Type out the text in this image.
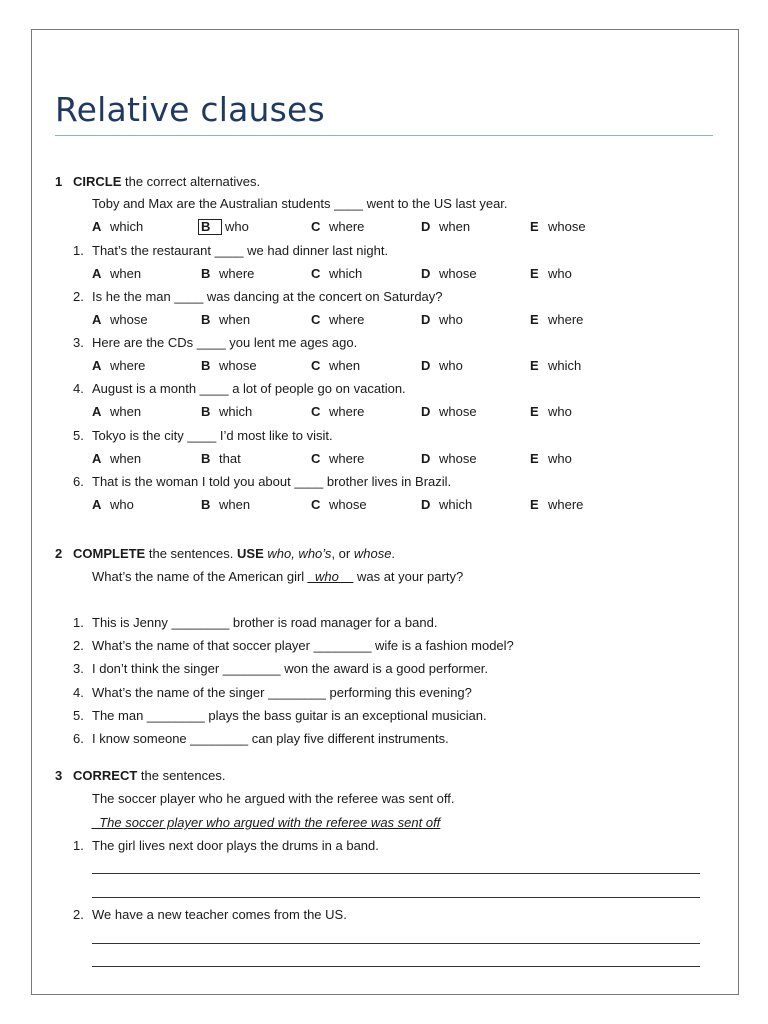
Relative clauses
1 CIRCLE the correct alternatives.
Toby and Max are the Australian students ____ went to the US last year.
A which	B who	C where	D when	E whose
1. That’s the restaurant ____ we had dinner last night.
A when	B where	C which	D whose	E who
2. Is he the man ____ was dancing at the concert on Saturday?
A whose	B when	C where	D who	E where
3. Here are the CDs ____ you lent me ages ago.
A where	B whose	C when	D who	E which
4. August is a month ____ a lot of people go on vacation.
A when	B which	C where	D whose	E who
5. Tokyo is the city ____ I’d most like to visit.
A when	B that	C where	D whose	E who
6. That is the woman I told you about ____ brother lives in Brazil.
A who	B when	C whose	D which	E where
2 COMPLETE the sentences. USE who, who’s, or whose.
What’s the name of the American girl _who__ was at your party?
1. This is Jenny ________ brother is road manager for a band.
2. What’s the name of that soccer player ________ wife is a fashion model?
3. I don’t think the singer ________ won the award is a good performer.
4. What’s the name of the singer ________ performing this evening?
5. The man ________ plays the bass guitar is an exceptional musician.
6. I know someone ________ can play five different instruments.
3 CORRECT the sentences.
The soccer player who he argued with the referee was sent off.
_The soccer player who argued with the referee was sent off
1. The girl lives next door plays the drums in a band.
2. We have a new teacher comes from the US.
